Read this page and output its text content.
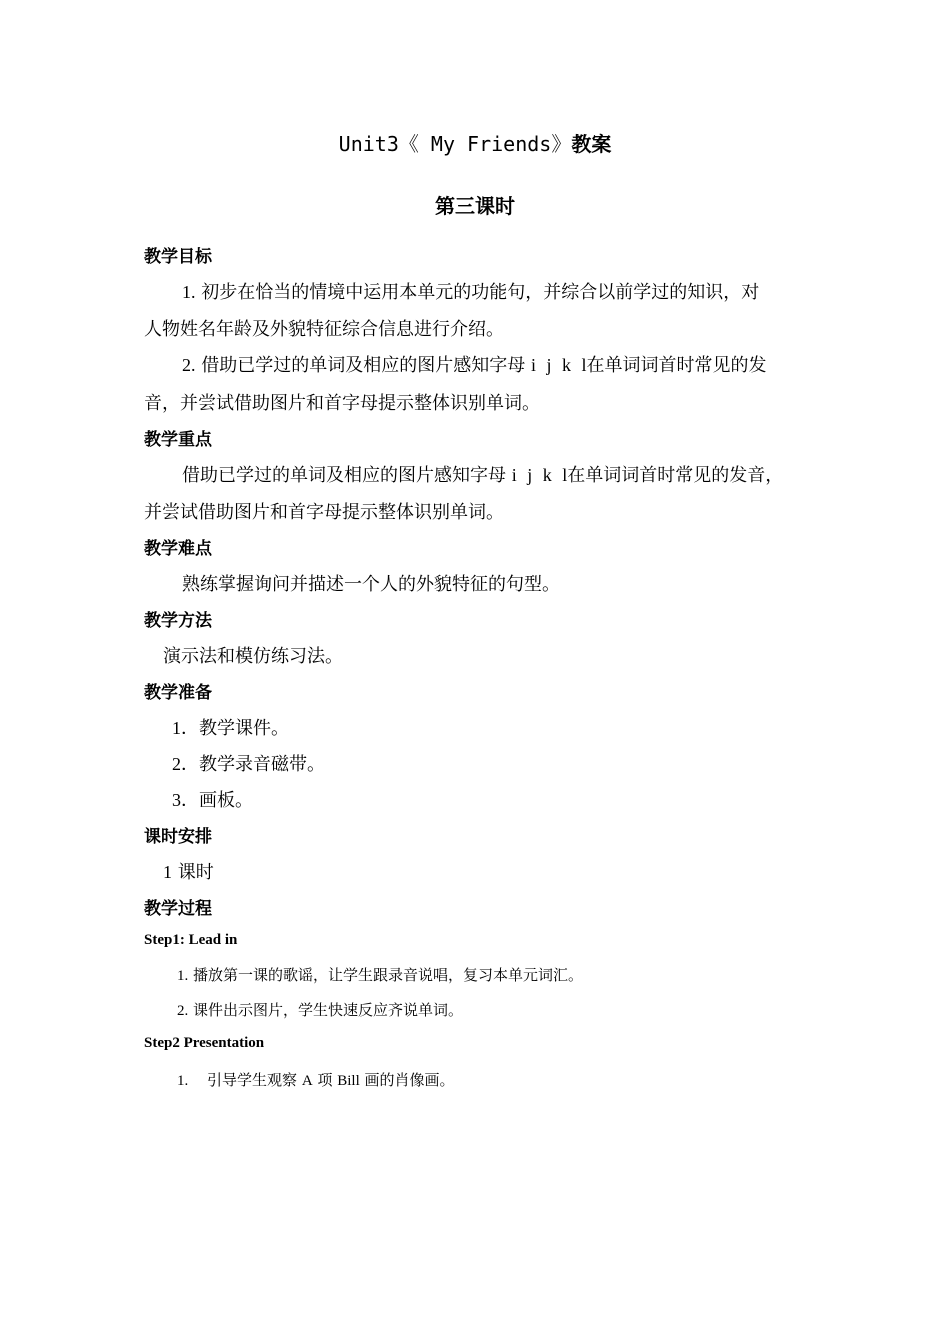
Unit3《 My Friends》教案
第三课时
教学目标
1. 初步在恰当的情境中运用本单元的功能句，并综合以前学过的知识，对
人物姓名年龄及外貌特征综合信息进行介绍。
2. 借助已学过的单词及相应的图片感知字母 i j k l在单词词首时常见的发
音，并尝试借助图片和首字母提示整体识别单词。
教学重点
借助已学过的单词及相应的图片感知字母 i j k l在单词词首时常见的发音，
并尝试借助图片和首字母提示整体识别单词。
教学难点
熟练掌握询问并描述一个人的外貌特征的句型。
教学方法
演示法和模仿练习法。
教学准备
1．教学课件。
2．教学录音磁带。
3．画板。
课时安排
1 课时
教学过程
Step1: Lead in
1. 播放第一课的歌谣，让学生跟录音说唱，复习本单元词汇。
2. 课件出示图片，学生快速反应齐说单词。
Step2 Presentation
1. 引导学生观察 A 项 Bill 画的肖像画。
